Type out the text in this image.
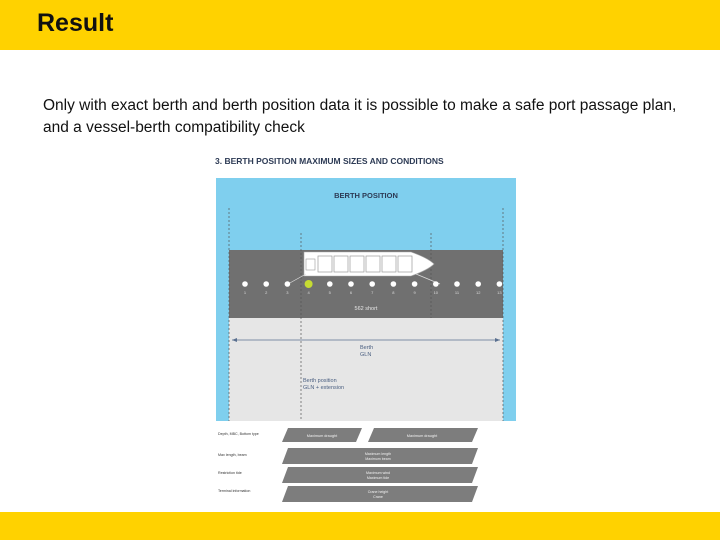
Result

Only with exact berth and berth position data it is possible to make a safe port passage plan, and a vessel-berth compatibility check

3. BERTH POSITION MAXIMUM SIZES AND CONDITIONS
BERTH POSITION
1	2	3	4	5	6	7	8	9	10	11	12	13
562 short
Berth
GLN
Berth position
GLN + extension
Depth, MBC, Bottom type	Maximum draught	Maximum draught
Max length, beam	Maximum length
Maximum beam
Restriction tide	Maximum wind
Maximum tide
Terminal information	Crane height
Crane
